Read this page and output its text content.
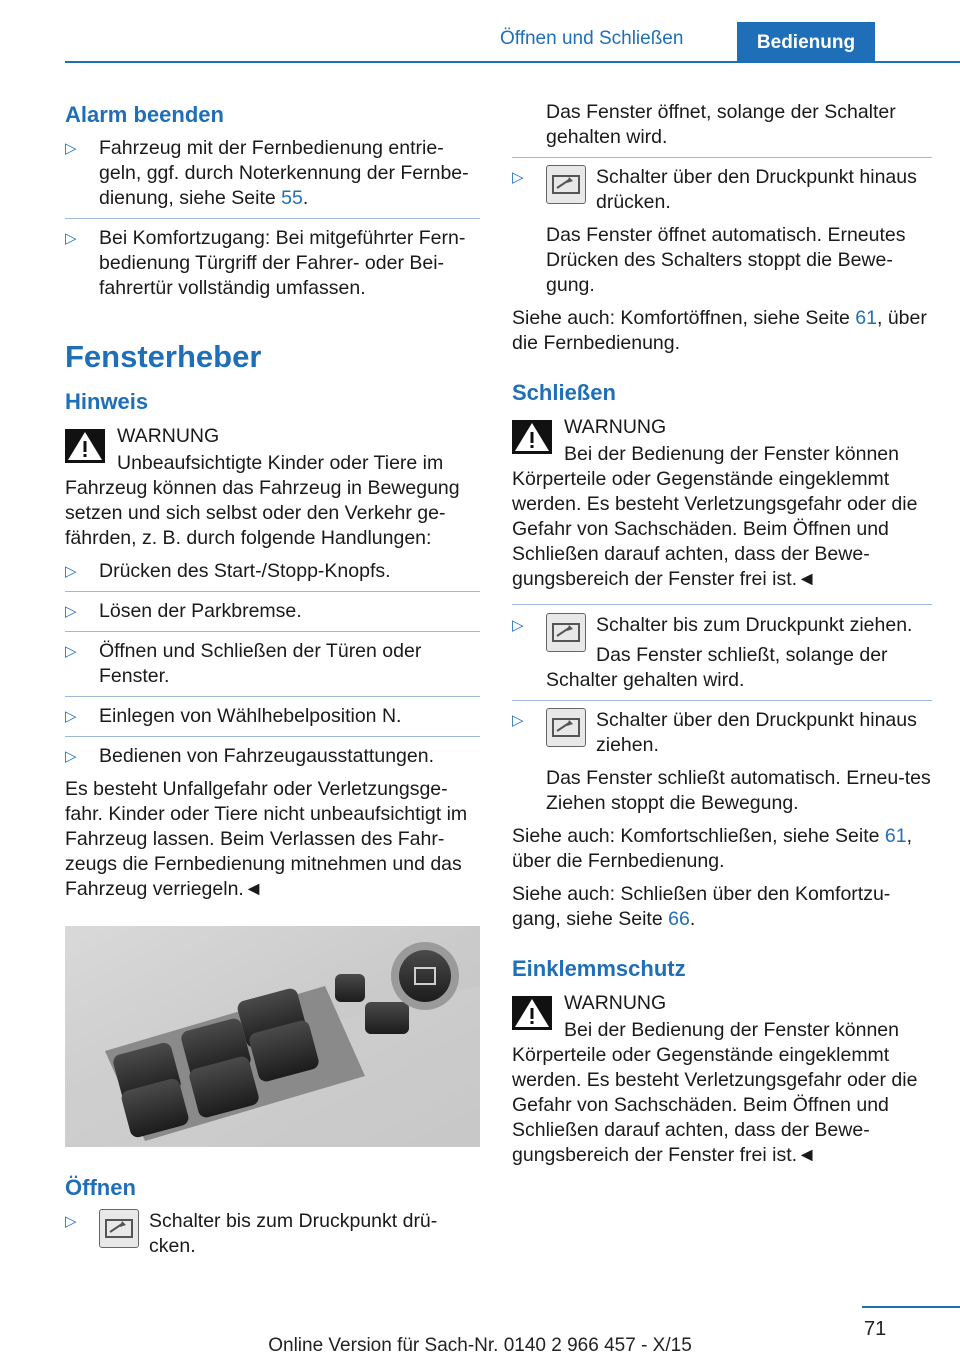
Öffnen und Schließen	Bedienung
Alarm beenden
▷ Fahrzeug mit der Fernbedienung entrie-geln, ggf. durch Noterkennung der Fernbe-dienung, siehe Seite 55.
▷ Bei Komfortzugang: Bei mitgeführter Fern-bedienung Türgriff der Fahrer- oder Bei-fahrertür vollständig umfassen.
Fensterheber
Hinweis

WARNUNG

Unbeaufsichtigte Kinder oder Tiere im

Fahrzeug können das Fahrzeug in Bewegung setzen und sich selbst oder den Verkehr ge-fährden, z. B. durch folgende Handlungen:

▷ Drücken des Start-/Stopp-Knopfs.
▷ Lösen der Parkbremse.
▷ Öffnen und Schließen der Türen oder Fenster.
▷ Einlegen von Wählhebelposition N.
▷ Bedienen von Fahrzeugausstattungen.

Es besteht Unfallgefahr oder Verletzungsge-fahr. Kinder oder Tiere nicht unbeaufsichtigt im Fahrzeug lassen. Beim Verlassen des Fahr-zeugs die Fernbedienung mitnehmen und das Fahrzeug verriegeln.◄

Öffnen
▷	Schalter bis zum Druckpunkt drü-cken.

Das Fenster öffnet, solange der Schalter gehalten wird.

▷	Schalter über den Druckpunkt hinaus drücken.

Das Fenster öffnet automatisch. Erneutes Drücken des Schalters stoppt die Bewe-gung.

Siehe auch: Komfortöffnen, siehe Seite 61, über die Fernbedienung.

Schließen

WARNUNG

Bei der Bedienung der Fenster können

Körperteile oder Gegenstände eingeklemmt werden. Es besteht Verletzungsgefahr oder die Gefahr von Sachschäden. Beim Öffnen und Schließen darauf achten, dass der Bewe-gungsbereich der Fenster frei ist.◄

▷	Schalter bis zum Druckpunkt ziehen.

Das Fenster schließt, solange der

Schalter gehalten wird.

▷	Schalter über den Druckpunkt hinaus ziehen.

Das Fenster schließt automatisch. Erneu-tes Ziehen stoppt die Bewegung.

Siehe auch: Komfortschließen, siehe Seite 61, über die Fernbedienung.

Siehe auch: Schließen über den Komfortzu-gang, siehe Seite 66.

Einklemmschutz

WARNUNG

Bei der Bedienung der Fenster können

Körperteile oder Gegenstände eingeklemmt werden. Es besteht Verletzungsgefahr oder die Gefahr von Sachschäden. Beim Öffnen und Schließen darauf achten, dass der Bewe-gungsbereich der Fenster frei ist.◄

71
Online Version für Sach-Nr. 0140 2 966 457 - X/15
